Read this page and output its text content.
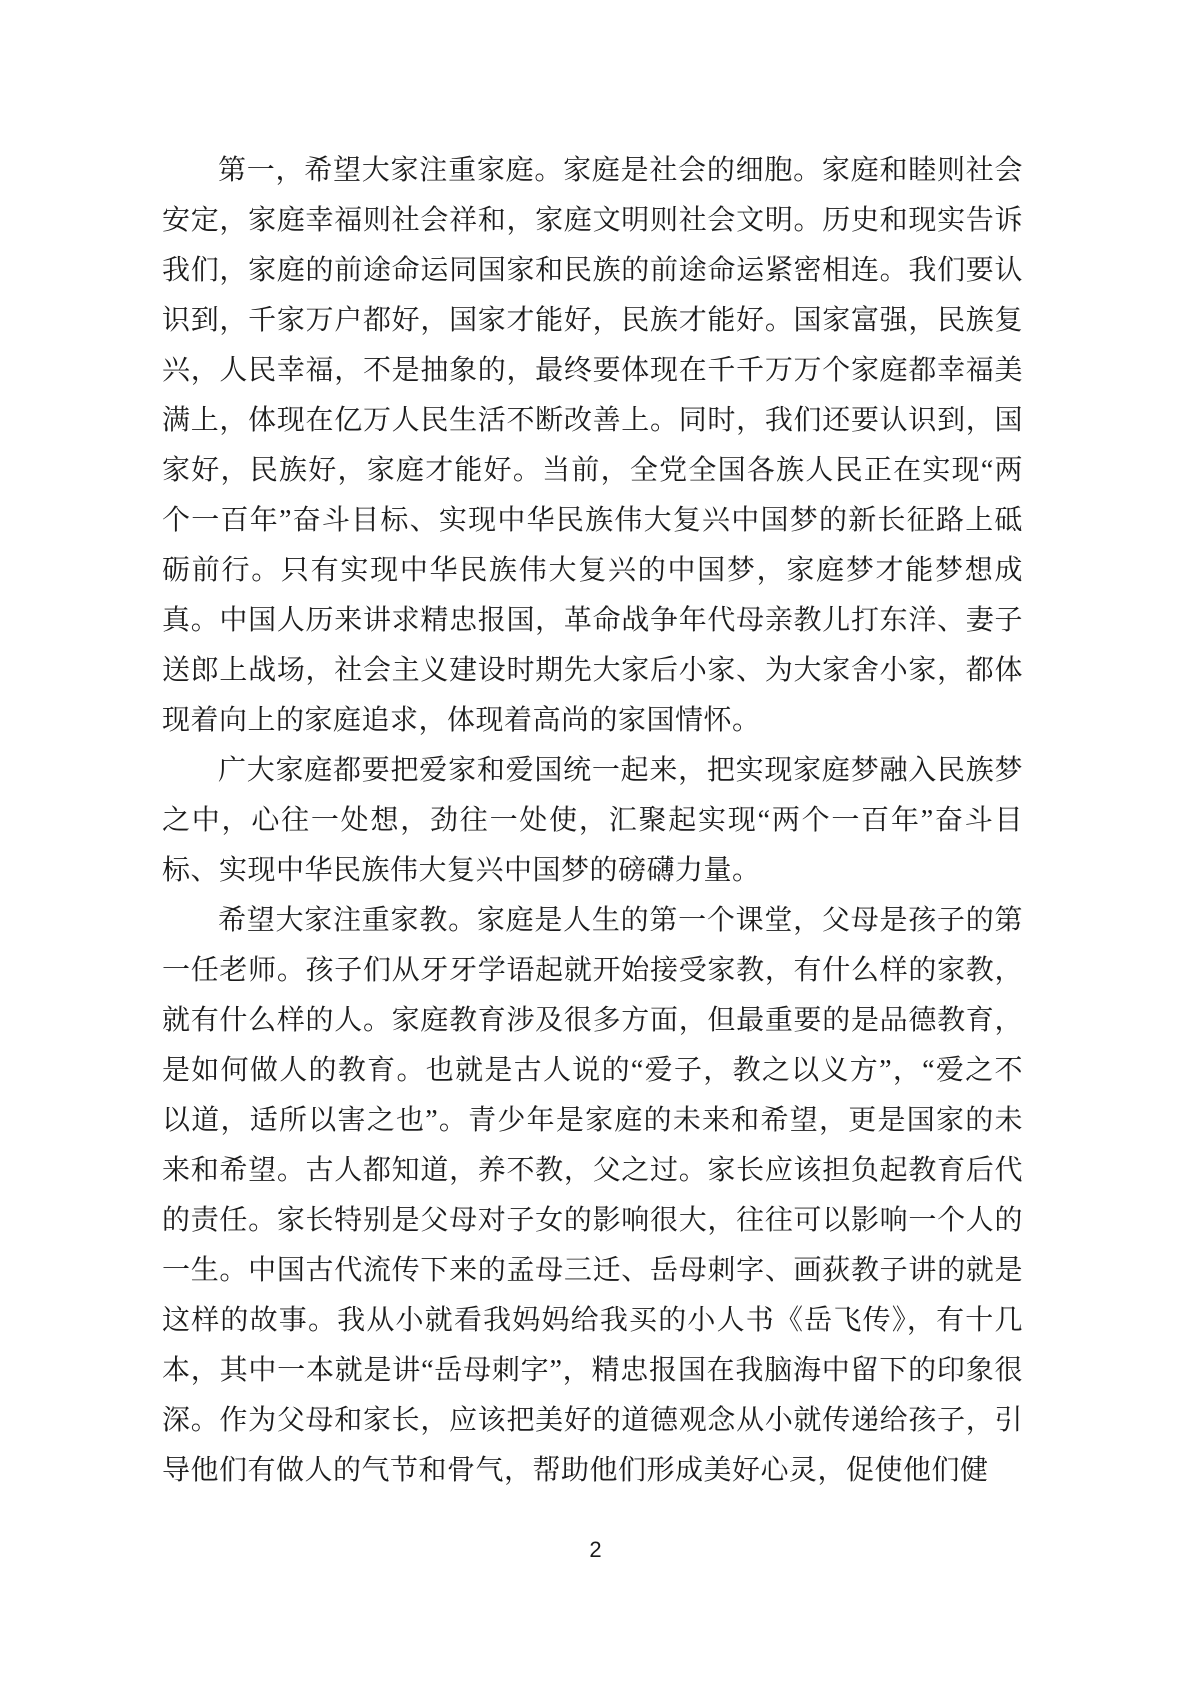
第一，希望大家注重家庭。家庭是社会的细胞。家庭和睦则社会安定，家庭幸福则社会祥和，家庭文明则社会文明。历史和现实告诉我们，家庭的前途命运同国家和民族的前途命运紧密相连。我们要认识到，千家万户都好，国家才能好，民族才能好。国家富强，民族复兴，人民幸福，不是抽象的，最终要体现在千千万万个家庭都幸福美满上，体现在亿万人民生活不断改善上。同时，我们还要认识到，国家好，民族好，家庭才能好。当前，全党全国各族人民正在实现“两个一百年”奋斗目标、实现中华民族伟大复兴中国梦的新长征路上砥砺前行。只有实现中华民族伟大复兴的中国梦，家庭梦才能梦想成真。中国人历来讲求精忠报国，革命战争年代母亲教儿打东洋、妻子送郎上战场，社会主义建设时期先大家后小家、为大家舍小家，都体现着向上的家庭追求，体现着高尚的家国情怀。

广大家庭都要把爱家和爱国统一起来，把实现家庭梦融入民族梦之中，心往一处想，劲往一处使，汇聚起实现“两个一百年”奋斗目标、实现中华民族伟大复兴中国梦的磅礴力量。

希望大家注重家教。家庭是人生的第一个课堂，父母是孩子的第一任老师。孩子们从牙牙学语起就开始接受家教，有什么样的家教，就有什么样的人。家庭教育涉及很多方面，但最重要的是品德教育，是如何做人的教育。也就是古人说的“爱子，教之以义方”，“爱之不以道，适所以害之也”。青少年是家庭的未来和希望，更是国家的未来和希望。古人都知道，养不教，父之过。家长应该担负起教育后代的责任。家长特别是父母对子女的影响很大，往往可以影响一个人的一生。中国古代流传下来的孟母三迁、岳母刺字、画荻教子讲的就是这样的故事。我从小就看我妈妈给我买的小人书《岳飞传》，有十几本，其中一本就是讲“岳母刺字”，精忠报国在我脑海中留下的印象很深。作为父母和家长，应该把美好的道德观念从小就传递给孩子，引导他们有做人的气节和骨气，帮助他们形成美好心灵，促使他们健

2
